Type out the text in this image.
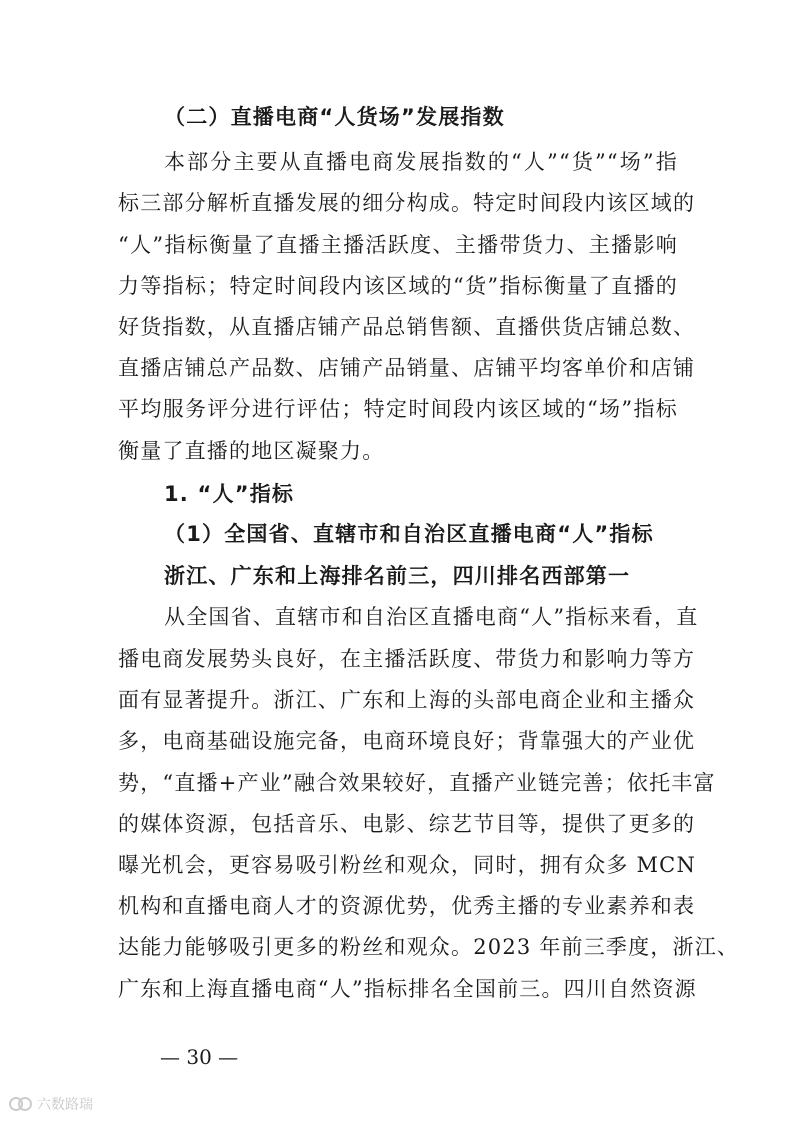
（二）直播电商“人货场”发展指数
本部分主要从直播电商发展指数的“人”“货”“场”指
标三部分解析直播发展的细分构成。特定时间段内该区域的
“人”指标衡量了直播主播活跃度、主播带货力、主播影响
力等指标；特定时间段内该区域的“货”指标衡量了直播的
好货指数，从直播店铺产品总销售额、直播供货店铺总数、
直播店铺总产品数、店铺产品销量、店铺平均客单价和店铺
平均服务评分进行评估；特定时间段内该区域的“场”指标
衡量了直播的地区凝聚力。
1. “人”指标
（1）全国省、直辖市和自治区直播电商“人”指标
浙江、广东和上海排名前三，四川排名西部第一
从全国省、直辖市和自治区直播电商“人”指标来看，直
播电商发展势头良好，在主播活跃度、带货力和影响力等方
面有显著提升。浙江、广东和上海的头部电商企业和主播众
多，电商基础设施完备，电商环境良好；背靠强大的产业优
势，“直播+产业”融合效果较好，直播产业链完善；依托丰富
的媒体资源，包括音乐、电影、综艺节目等，提供了更多的
曝光机会，更容易吸引粉丝和观众，同时，拥有众多 MCN
机构和直播电商人才的资源优势，优秀主播的专业素养和表
达能力能够吸引更多的粉丝和观众。2023 年前三季度，浙江、
广东和上海直播电商“人”指标排名全国前三。四川自然资源
— 30 —
六数路瑞
